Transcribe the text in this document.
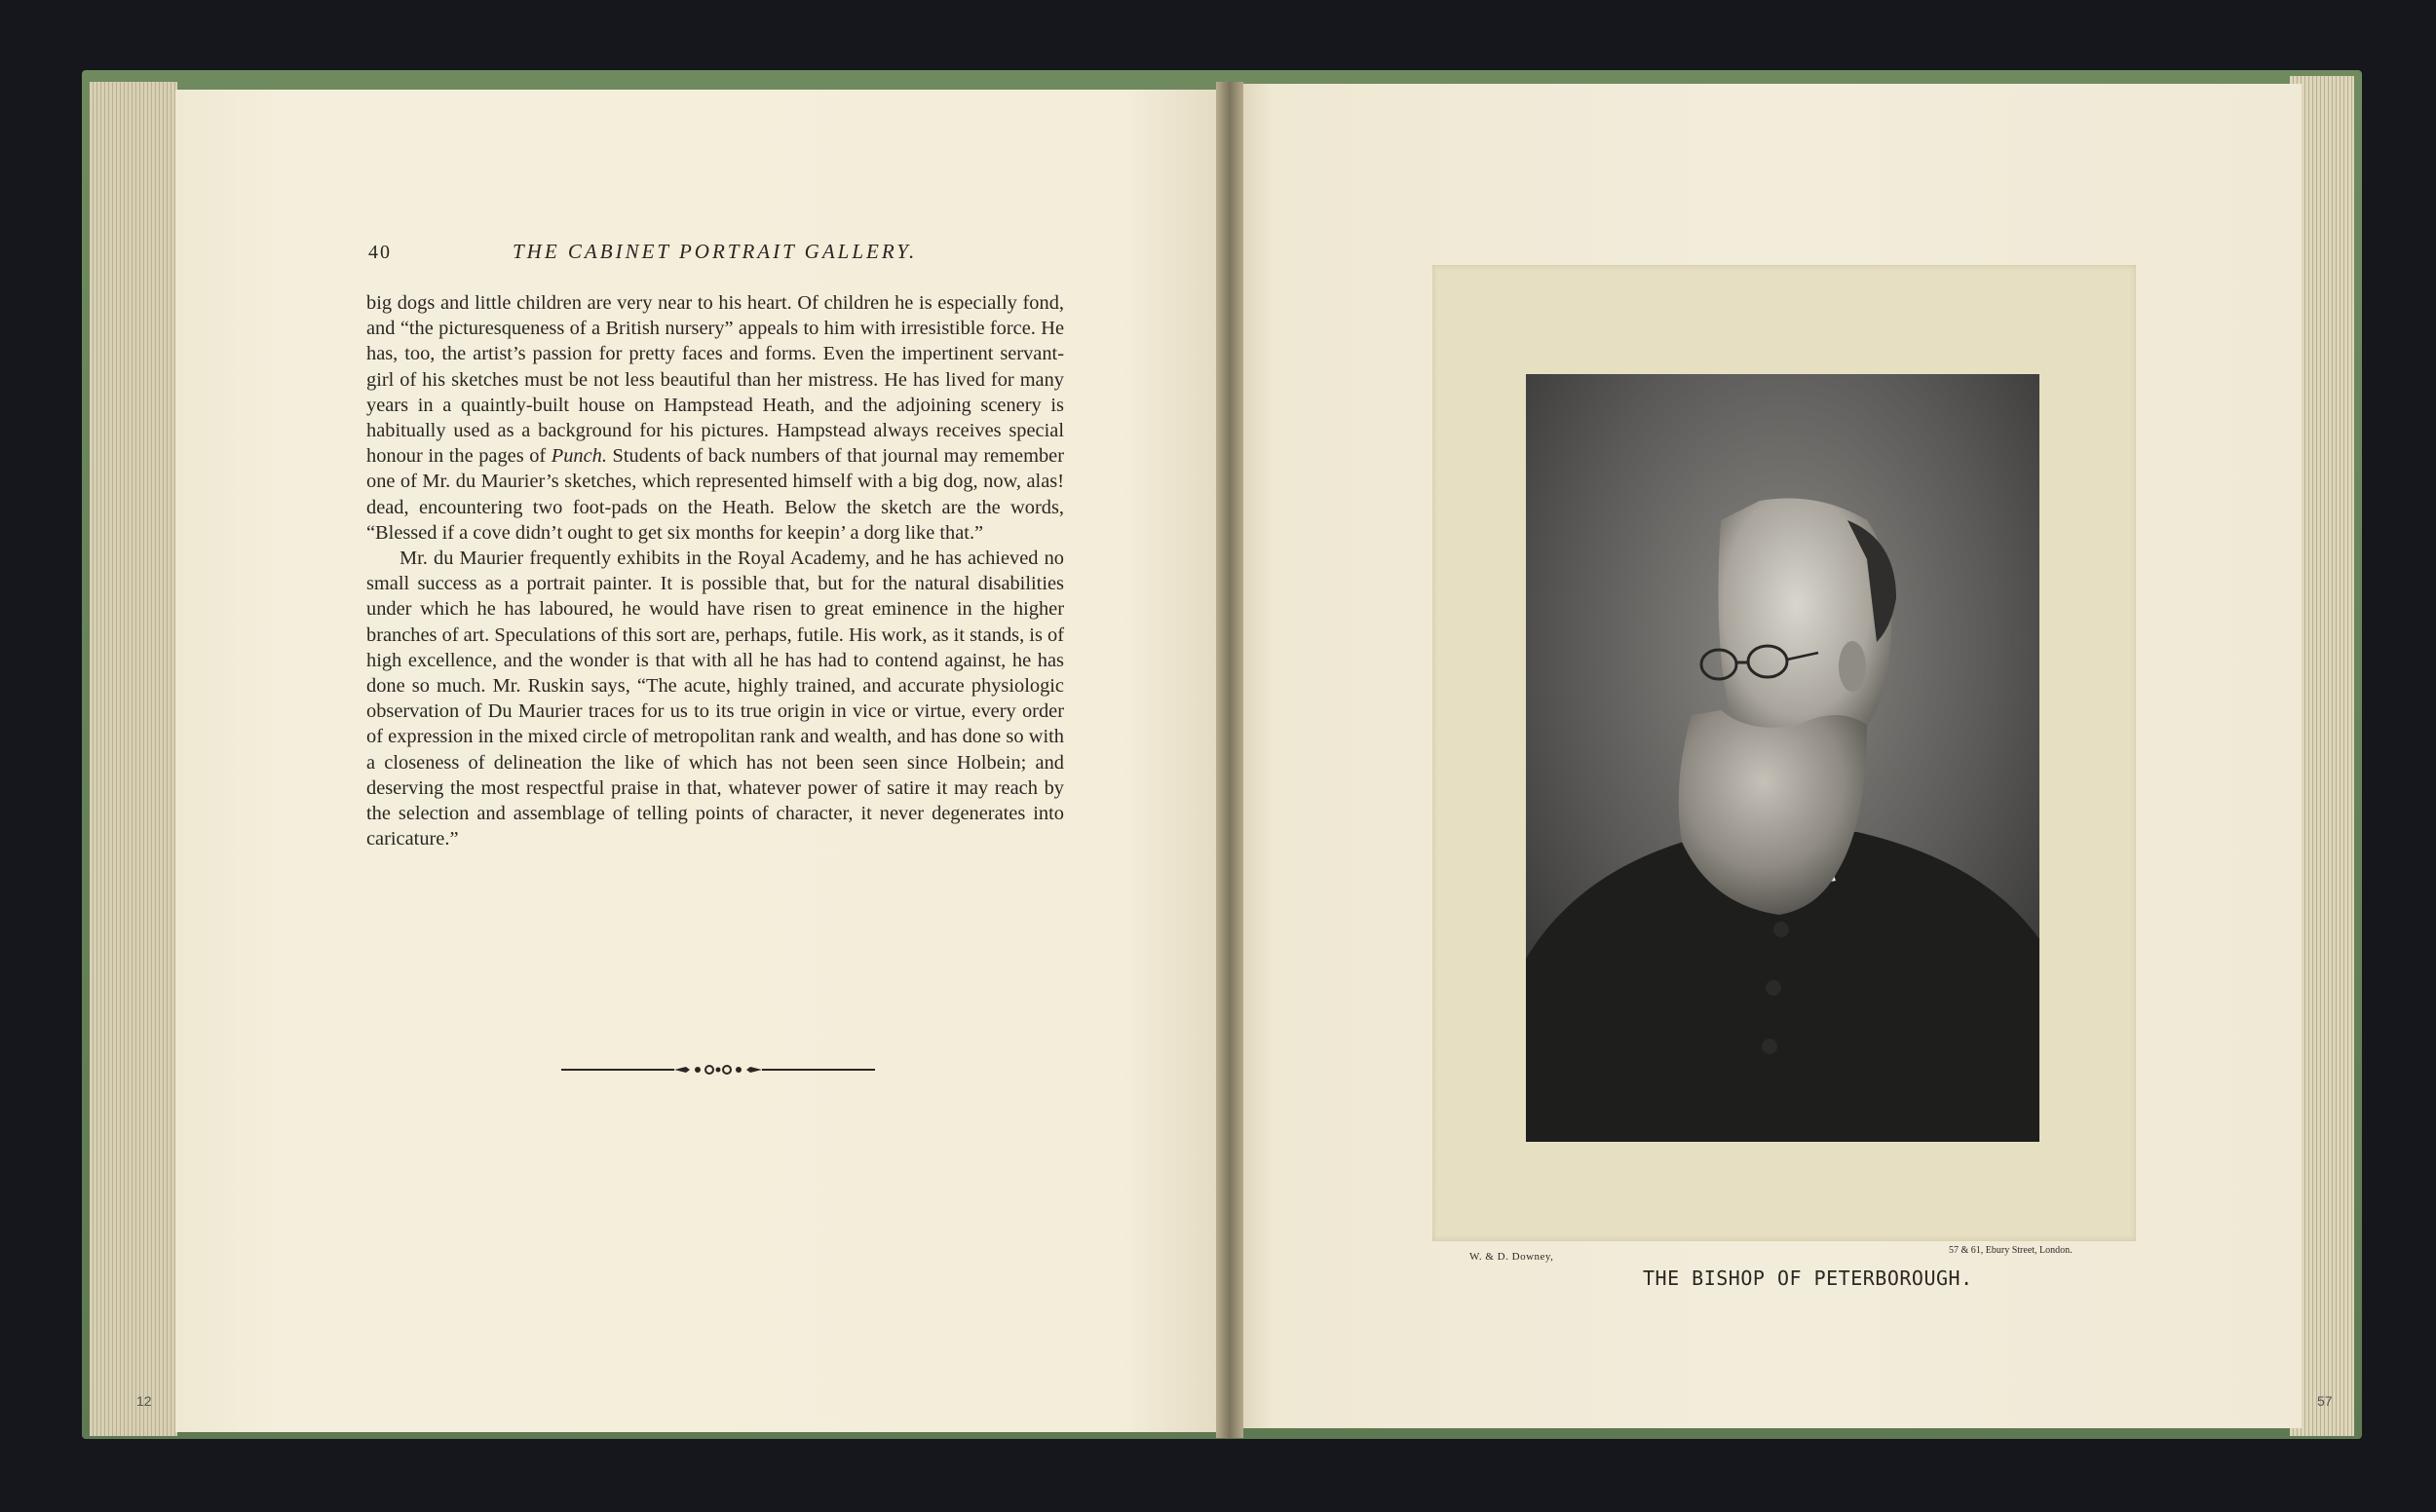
40	THE CABINET PORTRAIT GALLERY.

big dogs and little children are very near to his heart. Of children he is especially fond, and “the picturesqueness of a British nursery” appeals to him with irresistible force. He has, too, the artist’s passion for pretty faces and forms. Even the impertinent servant-girl of his sketches must be not less beautiful than her mistress. He has lived for many years in a quaintly-built house on Hampstead Heath, and the adjoining scenery is habitually used as a background for his pictures. Hampstead always receives special honour in the pages of Punch. Students of back numbers of that journal may remember one of Mr. du Maurier’s sketches, which represented himself with a big dog, now, alas! dead, encountering two foot-pads on the Heath. Below the sketch are the words, “Blessed if a cove didn’t ought to get six months for keepin’ a dorg like that.”

Mr. du Maurier frequently exhibits in the Royal Academy, and he has achieved no small success as a portrait painter. It is possible that, but for the natural disabilities under which he has laboured, he would have risen to great eminence in the higher branches of art. Speculations of this sort are, perhaps, futile. His work, as it stands, is of high excellence, and the wonder is that with all he has had to contend against, he has done so much. Mr. Ruskin says, “The acute, highly trained, and accurate physiologic observation of Du Maurier traces for us to its true origin in vice or virtue, every order of expression in the mixed circle of metropolitan rank and wealth, and has done so with a closeness of delineation the like of which has not been seen since Holbein; and deserving the most respectful praise in that, whatever power of satire it may reach by the selection and assemblage of telling points of character, it never degenerates into caricature.”

W. & D. Downey,
57 & 61, Ebury Street, London.
THE BISHOP OF PETERBOROUGH.
12	57
